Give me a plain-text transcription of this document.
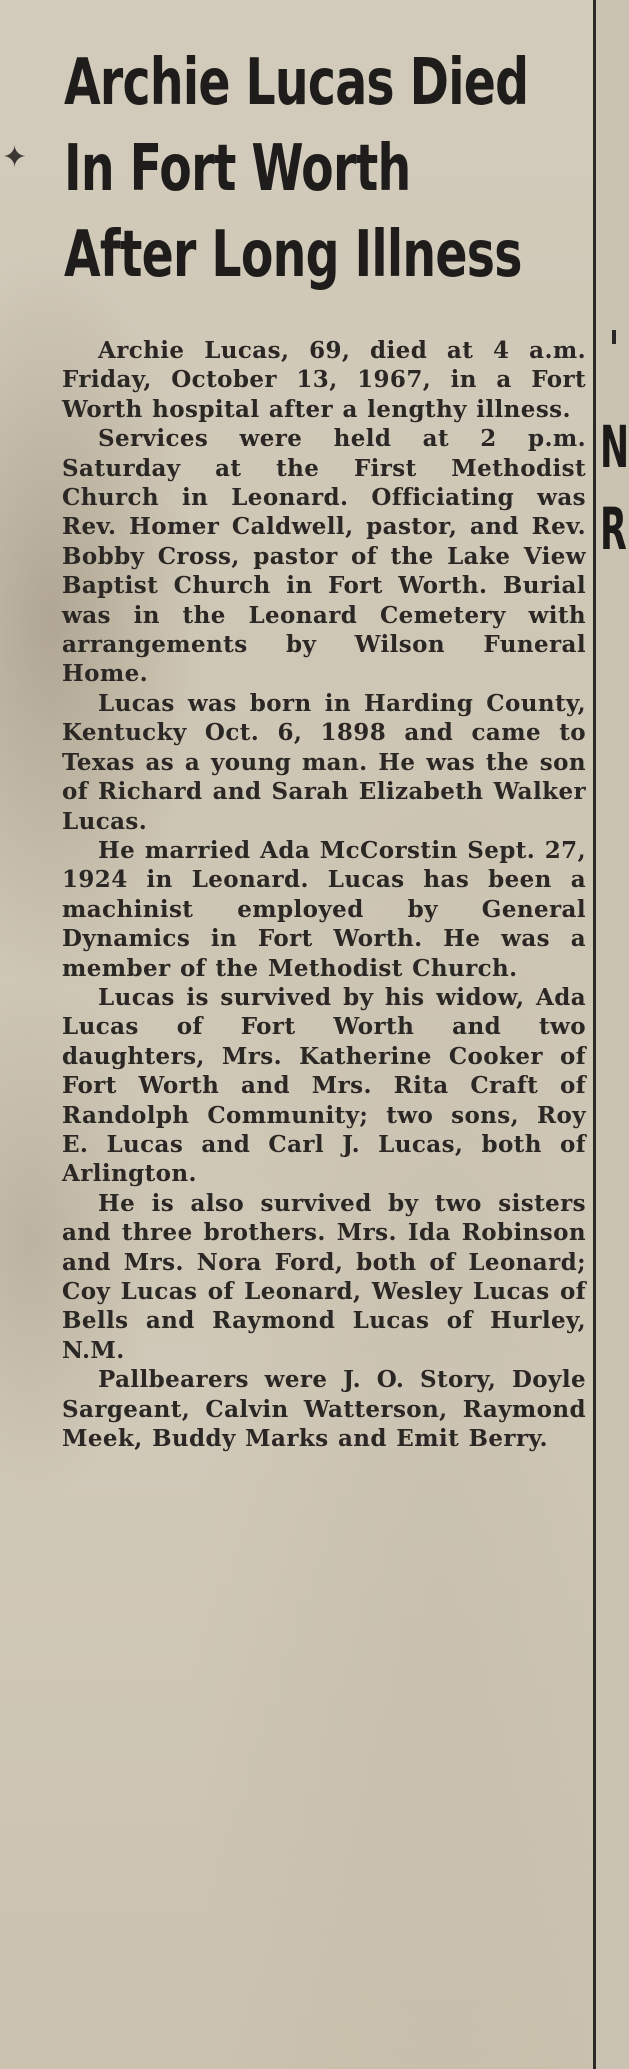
✦
Archie Lucas Died
In Fort Worth
After Long Illness

Archie Lucas, 69, died at 4 a.m. Friday, October 13, 1967, in a Fort Worth hospital after a lengthy illness.

Services were held at 2 p.m. Saturday at the First Methodist Church in Leonard. Officiating was Rev. Homer Caldwell, pastor, and Rev. Bobby Cross, pastor of the Lake View Baptist Church in Fort Worth. Burial was in the Leonard Cemetery with arrangements by Wilson Funeral Home.

Lucas was born in Harding County, Kentucky Oct. 6, 1898 and came to Texas as a young man. He was the son of Richard and Sarah Elizabeth Walker Lucas.

He married Ada McCorstin Sept. 27, 1924 in Leonard. Lucas has been a machinist employed by General Dynamics in Fort Worth. He was a member of the Methodist Church.

Lucas is survived by his widow, Ada Lucas of Fort Worth and two daughters, Mrs. Katherine Cooker of Fort Worth and Mrs. Rita Craft of Randolph Community; two sons, Roy E. Lucas and Carl J. Lucas, both of Arlington.

He is also survived by two sisters and three brothers. Mrs. Ida Robinson and Mrs. Nora Ford, both of Leonard; Coy Lucas of Leonard, Wesley Lucas of Bells and Raymond Lucas of Hurley, N.M.

Pallbearers were J. O. Story, Doyle Sargeant, Calvin Watterson, Raymond Meek, Buddy Marks and Emit Berry.

N
R
